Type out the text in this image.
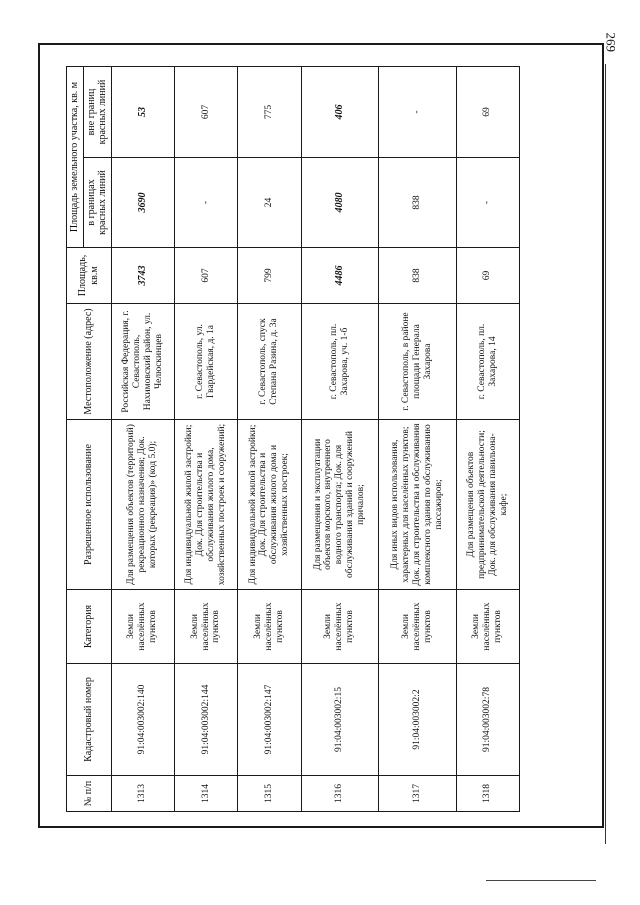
269
№ п/п	Кадастровый номер	Категория	Разрешенное использование	Местоположение (адрес)	Площадь, кв.м	Площадь земельного участка, кв. м	
						в границах красных линий	вне границ красных линий
1313	91:04:003002:140	Земли населённых пунктов	Для размещения объектов (территорий) рекреационного назначения; Док. которых (рекреация)» (код 5.0);	Российская Федерация, г. Севастополь, Нахимовский район, ул. Челюскинцев	3743	3690	53
1314	91:04:003002:144	Земли населённых пунктов	Для индивидуальной жилой застройки; Док. Для строительства и обслуживания жилого дома, хозяйственных построек и сооружений;	г. Севастополь, ул. Гвардейская, д. 1а	607	-	607
1315	91:04:003002:147	Земли населённых пунктов	Для индивидуальной жилой застройки; Док. Для строительства и обслуживания жилого дома и хозяйственных построек;	г. Севастополь, спуск Степана Разина, д. 3а	799	24	775
1316	91:04:003002:15	Земли населённых пунктов	Для размещения и эксплуатации объектов морского, внутреннего водного транспорта; Док. для обслуживания зданий и сооружений причалов;	г. Севастополь, пл. Захарова, уч. 1-б	4486	4080	406
1317	91:04:003002:2	Земли населённых пунктов	Для иных видов использования, характерных для населённых пунктов; Док. для строительства и обслуживания комплексного здания по обслуживанию пассажиров;	г. Севастополь, в районе площади Генерала Захарова	838	838	-
1318	91:04:003002:78	Земли населённых пунктов	Для размещения объектов предпринимательской деятельности; Док. для обслуживания павильона-кафе;	г. Севастополь, пл. Захарова, 14	69	-	69
